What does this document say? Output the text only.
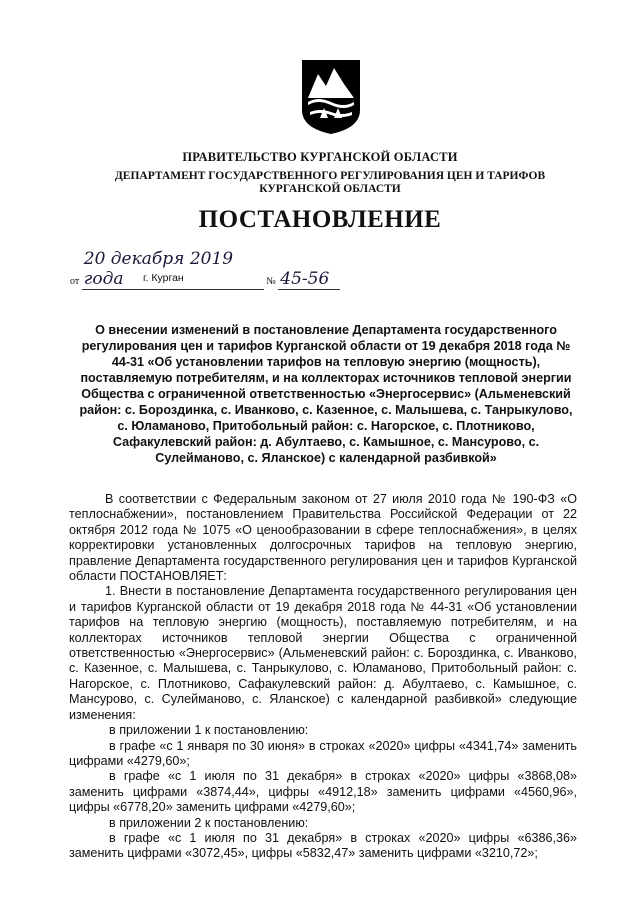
ПРАВИТЕЛЬСТВО КУРГАНСКОЙ ОБЛАСТИ
ДЕПАРТАМЕНТ ГОСУДАРСТВЕННОГО РЕГУЛИРОВАНИЯ ЦЕН И ТАРИФОВ КУРГАНСКОЙ ОБЛАСТИ
ПОСТАНОВЛЕНИЕ
от 20 декабря 2019 года	№ 45-56
г. Курган
О внесении изменений в постановление Департамента государственного регулирования цен и тарифов Курганской области от 19 декабря 2018 года № 44-31 «Об установлении тарифов на тепловую энергию (мощность), поставляемую потребителям, и на коллекторах источников тепловой энергии Общества с ограниченной ответственностью «Энергосервис» (Альменевский район: с. Бороздинка, с. Иванково, с. Казенное, с. Малышева, с. Танрыкулово, с. Юламаново, Притобольный район: с. Нагорское, с. Плотниково, Сафакулевский район: д. Абултаево, с. Камышное, с. Мансурово, с. Сулейманово, с. Яланское) с календарной разбивкой»

В соответствии с Федеральным законом от 27 июля 2010 года № 190-ФЗ «О теплоснабжении», постановлением Правительства Российской Федерации от 22 октября 2012 года № 1075 «О ценообразовании в сфере теплоснабжения», в целях корректировки установленных долгосрочных тарифов на тепловую энергию, правление Департамента государственного регулирования цен и тарифов Курганской области ПОСТАНОВЛЯЕТ:

1. Внести в постановление Департамента государственного регулирования цен и тарифов Курганской области от 19 декабря 2018 года № 44-31 «Об установлении тарифов на тепловую энергию (мощность), поставляемую потребителям, и на коллекторах источников тепловой энергии Общества с ограниченной ответственностью «Энергосервис» (Альменевский район: с. Бороздинка, с. Иванково, с. Казенное, с. Малышева, с. Танрыкулово, с. Юламаново, Притобольный район: с. Нагорское, с. Плотниково, Сафакулевский район: д. Абултаево, с. Камышное, с. Мансурово, с. Сулейманово, с. Яланское) с календарной разбивкой» следующие изменения:

в приложении 1 к постановлению:

в графе «с 1 января по 30 июня» в строках «2020» цифры «4341,74» заменить цифрами «4279,60»;

в графе «с 1 июля по 31 декабря» в строках «2020» цифры «3868,08» заменить цифрами «3874,44», цифры «4912,18» заменить цифрами «4560,96», цифры «6778,20» заменить цифрами «4279,60»;

в приложении 2 к постановлению:

в графе «с 1 июля по 31 декабря» в строках «2020» цифры «6386,36» заменить цифрами «3072,45», цифры «5832,47» заменить цифрами «3210,72»;
